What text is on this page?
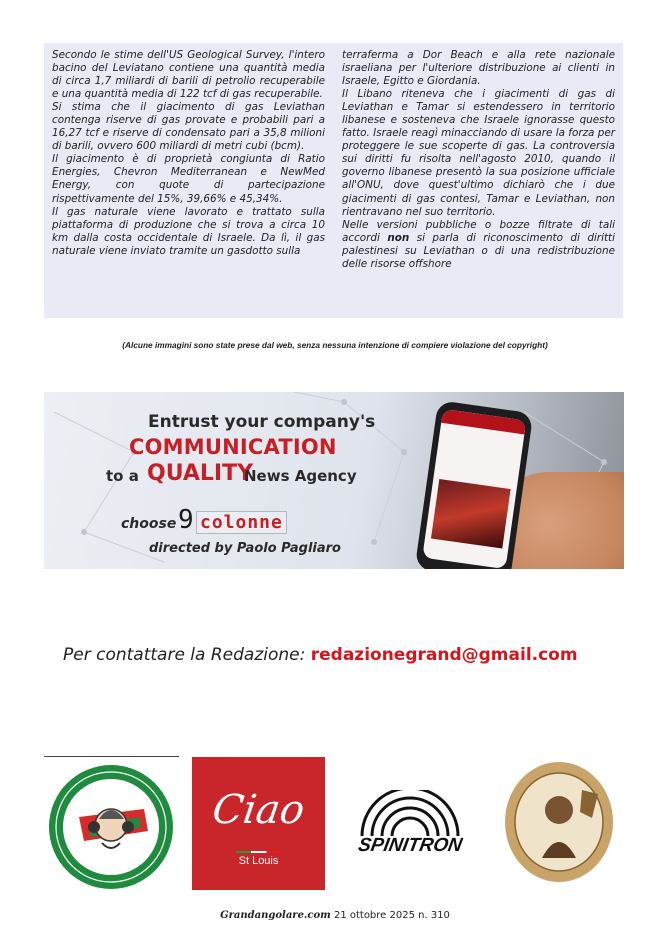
Secondo le stime dell'US Geological Survey, l'intero bacino del Leviatano contiene una quantità media di circa 1,7 miliardi di barili di petrolio recuperabile e una quantità media di 122 tcf di gas recuperabile.

Si stima che il giacimento di gas Leviathan contenga riserve di gas provate e probabili pari a 16,27 tcf e riserve di condensato pari a 35,8 milioni di barili, ovvero 600 miliardi di metri cubi (bcm).

Il giacimento è di proprietà congiunta di Ratio Energies, Chevron Mediterranean e NewMed Energy, con quote di partecipazione rispettivamente del 15%, 39,66% e 45,34%.

Il gas naturale viene lavorato e trattato sulla piattaforma di produzione che si trova a circa 10 km dalla costa occidentale di Israele. Da lì, il gas naturale viene inviato tramite un gasdotto sulla

terraferma a Dor Beach e alla rete nazionale israeliana per l'ulteriore distribuzione ai clienti in Israele, Egitto e Giordania.

Il Libano riteneva che i giacimenti di gas di Leviathan e Tamar si estendessero in territorio libanese e sosteneva che Israele ignorasse questo fatto. Israele reagì minacciando di usare la forza per proteggere le sue scoperte di gas. La controversia sui diritti fu risolta nell'agosto 2010, quando il governo libanese presentò la sua posizione ufficiale all'ONU, dove quest'ultimo dichiarò che i due giacimenti di gas contesi, Tamar e Leviathan, non rientravano nel suo territorio.

Nelle versioni pubbliche o bozze filtrate di tali accordi non si parla di riconoscimento di diritti palestinesi su Leviathan o di una redistribuzione delle risorse offshore

(Alcune immagini sono state prese dal web, senza nessuna intenzione di compiere violazione del copyright)
Entrust your company's
COMMUNICATION
to a QUALITY
News Agency
choose 9 colonne
directed by Paolo Pagliaro
Per contattare la Redazione: redazionegrand@gmail.com
Ciao
St Louis
SPINITRON
Grandangolare.com 21 ottobre 2025 n. 310
